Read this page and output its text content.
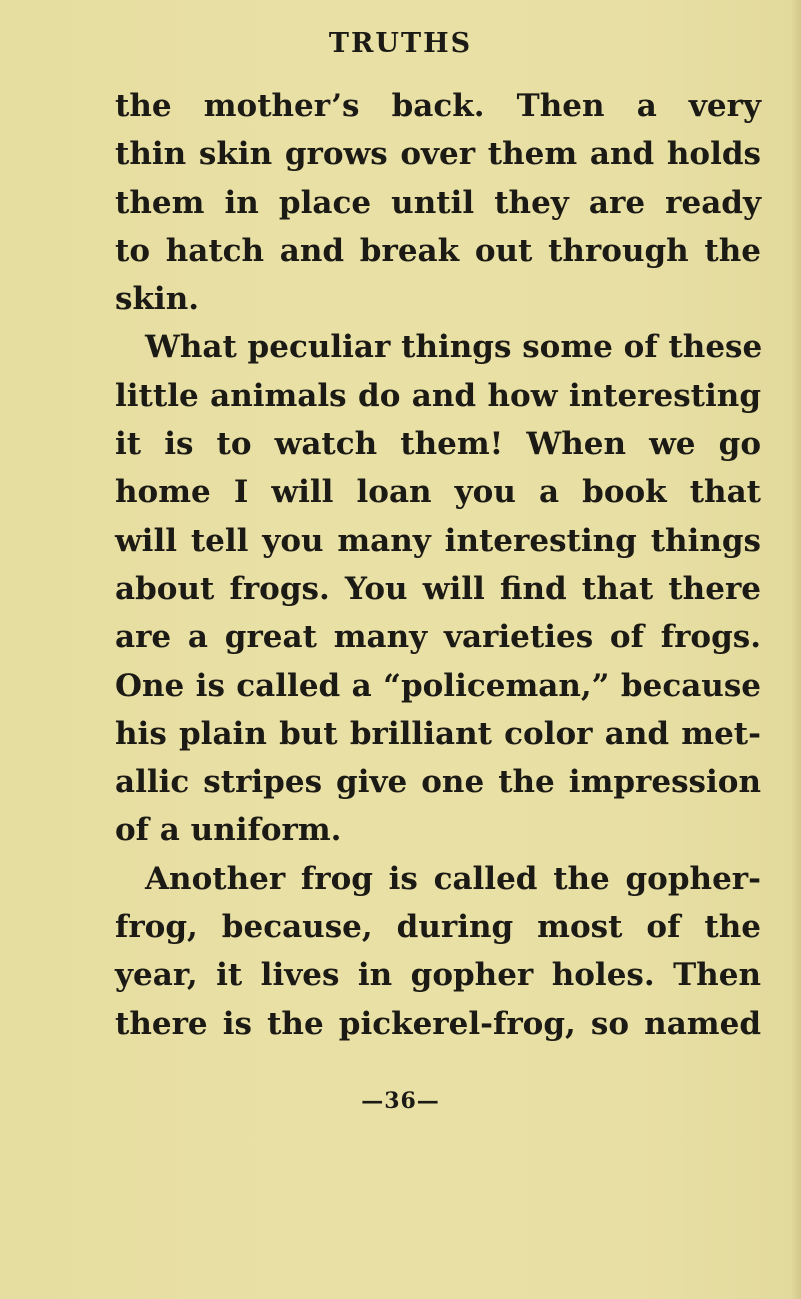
TRUTHS
the mother’s back. Then a very
thin skin grows over them and holds
them in place until they are ready
to hatch and break out through the
skin.
What peculiar things some of these
little animals do and how interesting
it is to watch them! When we go
home I will loan you a book that
will tell you many interesting things
about frogs. You will find that there
are a great many varieties of frogs.
One is called a “policeman,” because
his plain but brilliant color and met-
allic stripes give one the impression
of a uniform.
Another frog is called the gopher-
frog, because, during most of the
year, it lives in gopher holes. Then
there is the pickerel-frog, so named
—36—
